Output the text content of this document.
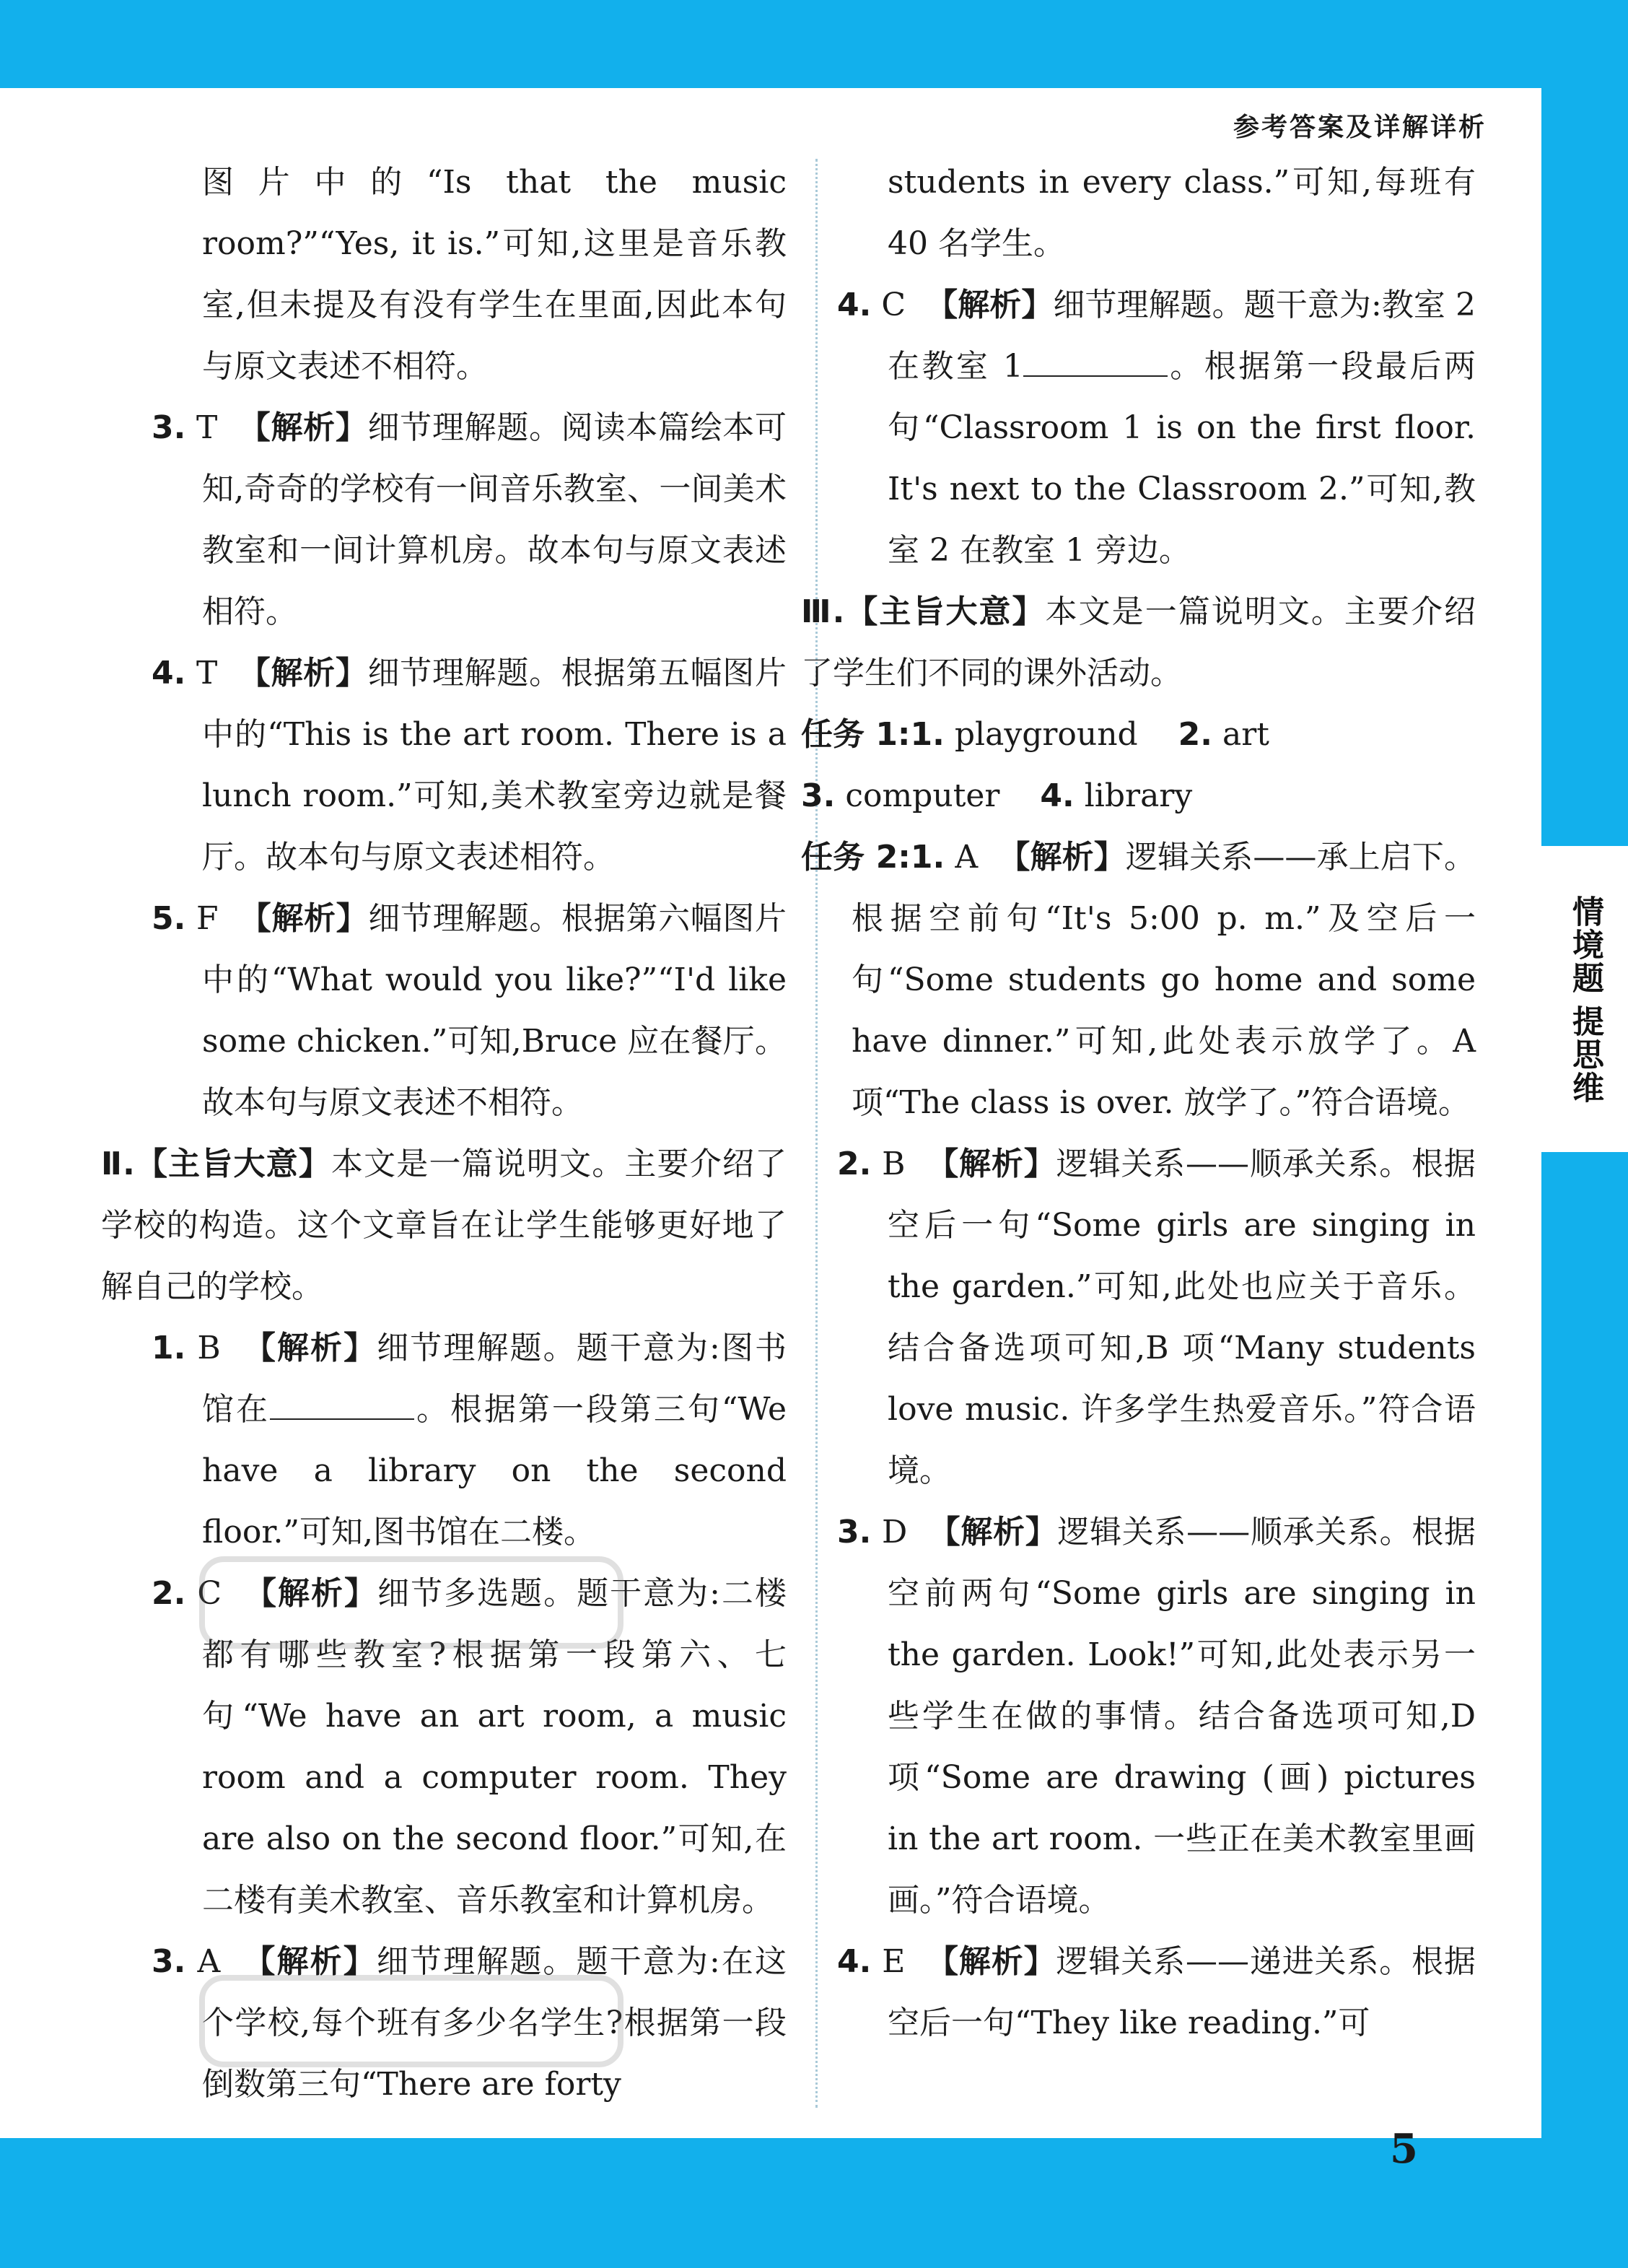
情境题
提思维
参考答案及详解详析
图片中的“Is that the music room?”“Yes, it is.”可知,这里是音乐教室,但未提及有没有学生在里面,因此本句与原文表述不相符。
3. T  【解析】细节理解题。阅读本篇绘本可知,奇奇的学校有一间音乐教室、一间美术教室和一间计算机房。故本句与原文表述相符。
4. T  【解析】细节理解题。根据第五幅图片中的“This is the art room. There is a lunch room.”可知,美术教室旁边就是餐厅。故本句与原文表述相符。
5. F  【解析】细节理解题。根据第六幅图片中的“What would you like?”“I'd like some chicken.”可知,Bruce 应在餐厅。故本句与原文表述不相符。
Ⅱ.【主旨大意】本文是一篇说明文。主要介绍了学校的构造。这个文章旨在让学生能够更好地了解自己的学校。
1. B  【解析】细节理解题。题干意为:图书馆在	。根据第一段第三句“We have a library on the second floor.”可知,图书馆在二楼。
2. C  【解析】细节多选题。题干意为:二楼都有哪些教室?根据第一段第六、七句“We have an art room, a music room and a computer room. They are also on the second floor.”可知,在二楼有美术教室、音乐教室和计算机房。
3. A  【解析】细节理解题。题干意为:在这个学校,每个班有多少名学生?根据第一段倒数第三句“There are forty
students in every class.”可知,每班有40 名学生。
4. C  【解析】细节理解题。题干意为:教室 2 在教室 1	。根据第一段最后两句“Classroom 1 is on the first floor. It's next to the Classroom 2.”可知,教室 2 在教室 1 旁边。
Ⅲ.【主旨大意】本文是一篇说明文。主要介绍了学生们不同的课外活动。
任务 1:1. playground    2. art
3. computer    4. library
任务 2:1. A  【解析】逻辑关系——承上启下。根据空前句“It's 5:00 p. m.”及空后一句“Some students go home and some have dinner.”可知,此处表示放学了。A 项“The class is over. 放学了。”符合语境。
2. B  【解析】逻辑关系——顺承关系。根据空后一句“Some girls are singing in the garden.”可知,此处也应关于音乐。结合备选项可知,B 项“Many students love music. 许多学生热爱音乐。”符合语境。
3. D  【解析】逻辑关系——顺承关系。根据空前两句“Some girls are singing in the garden. Look!”可知,此处表示另一些学生在做的事情。结合备选项可知,D 项“Some are drawing (画) pictures in the art room. 一些正在美术教室里画画。”符合语境。
4. E  【解析】逻辑关系——递进关系。根据空后一句“They like reading.”可
5
